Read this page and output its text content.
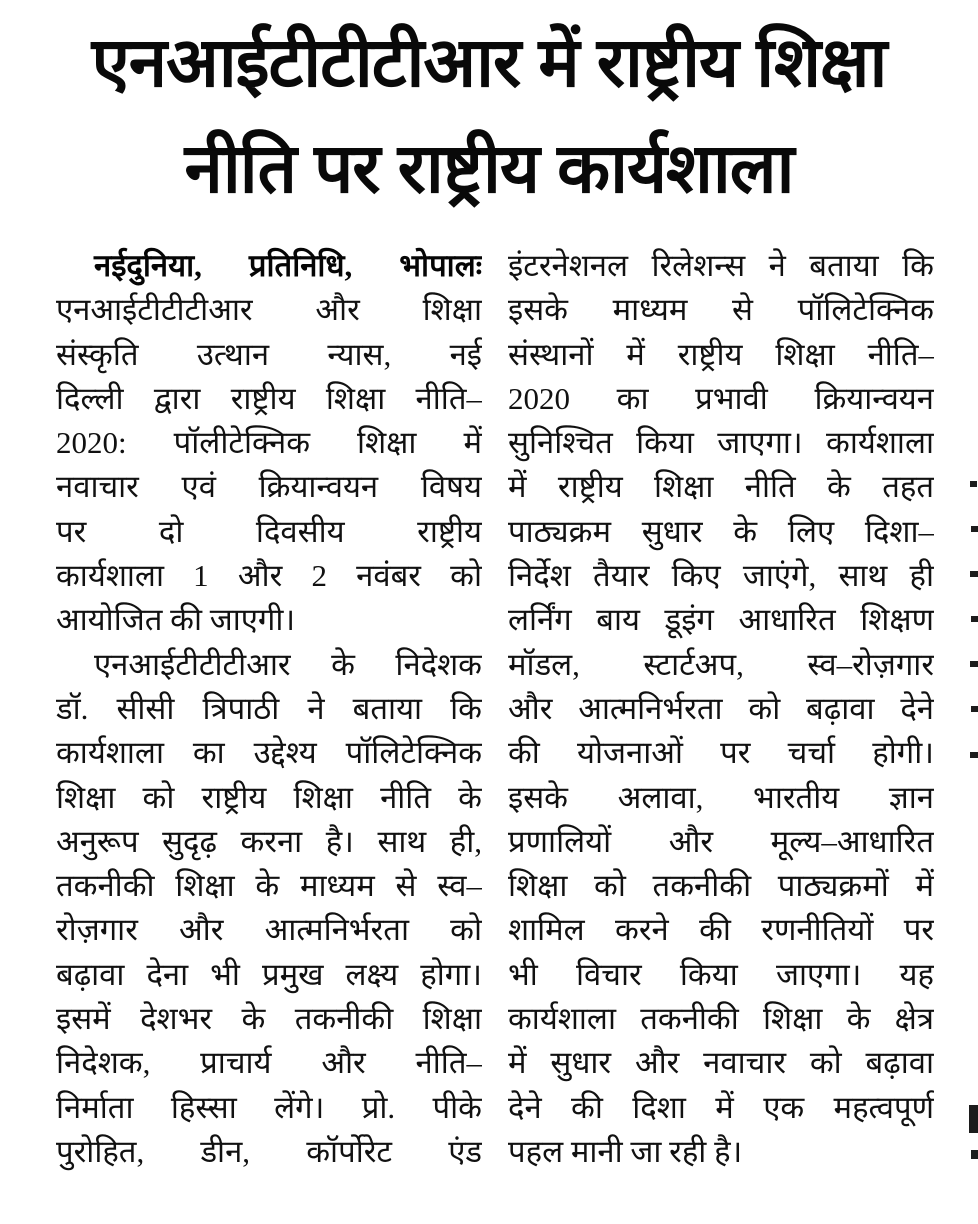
एनआईटीटीटीआर में राष्ट्रीय शिक्षा
नीति पर राष्ट्रीय कार्यशाला
नईदुनिया, प्रतिनिधि, भोपालः
एनआईटीटीटीआर और शिक्षा
संस्कृति उत्थान न्यास, नई
दिल्ली द्वारा राष्ट्रीय शिक्षा नीति–
2020: पॉलीटेक्निक शिक्षा में
नवाचार एवं क्रियान्वयन विषय
पर दो दिवसीय राष्ट्रीय
कार्यशाला 1 और 2 नवंबर को
आयोजित की जाएगी।
एनआईटीटीटीआर के निदेशक
डॉ. सीसी त्रिपाठी ने बताया कि
कार्यशाला का उद्देश्य पॉलिटेक्निक
शिक्षा को राष्ट्रीय शिक्षा नीति के
अनुरूप सुदृढ़ करना है। साथ ही,
तकनीकी शिक्षा के माध्यम से स्व–
रोज़गार और आत्मनिर्भरता को
बढ़ावा देना भी प्रमुख लक्ष्य होगा।
इसमें देशभर के तकनीकी शिक्षा
निदेशक, प्राचार्य और नीति–
निर्माता हिस्सा लेंगे। प्रो. पीके
पुरोहित, डीन, कॉर्पोरेट एंड
इंटरनेशनल रिलेशन्स ने बताया कि
इसके माध्यम से पॉलिटेक्निक
संस्थानों में राष्ट्रीय शिक्षा नीति–
2020 का प्रभावी क्रियान्वयन
सुनिश्चित किया जाएगा। कार्यशाला
में राष्ट्रीय शिक्षा नीति के तहत
पाठ्यक्रम सुधार के लिए दिशा–
निर्देश तैयार किए जाएंगे, साथ ही
लर्निंग बाय डूइंग आधारित शिक्षण
मॉडल, स्टार्टअप, स्व–रोज़गार
और आत्मनिर्भरता को बढ़ावा देने
की योजनाओं पर चर्चा होगी।
इसके अलावा, भारतीय ज्ञान
प्रणालियों और मूल्य–आधारित
शिक्षा को तकनीकी पाठ्यक्रमों में
शामिल करने की रणनीतियों पर
भी विचार किया जाएगा। यह
कार्यशाला तकनीकी शिक्षा के क्षेत्र
में सुधार और नवाचार को बढ़ावा
देने की दिशा में एक महत्वपूर्ण
पहल मानी जा रही है।
